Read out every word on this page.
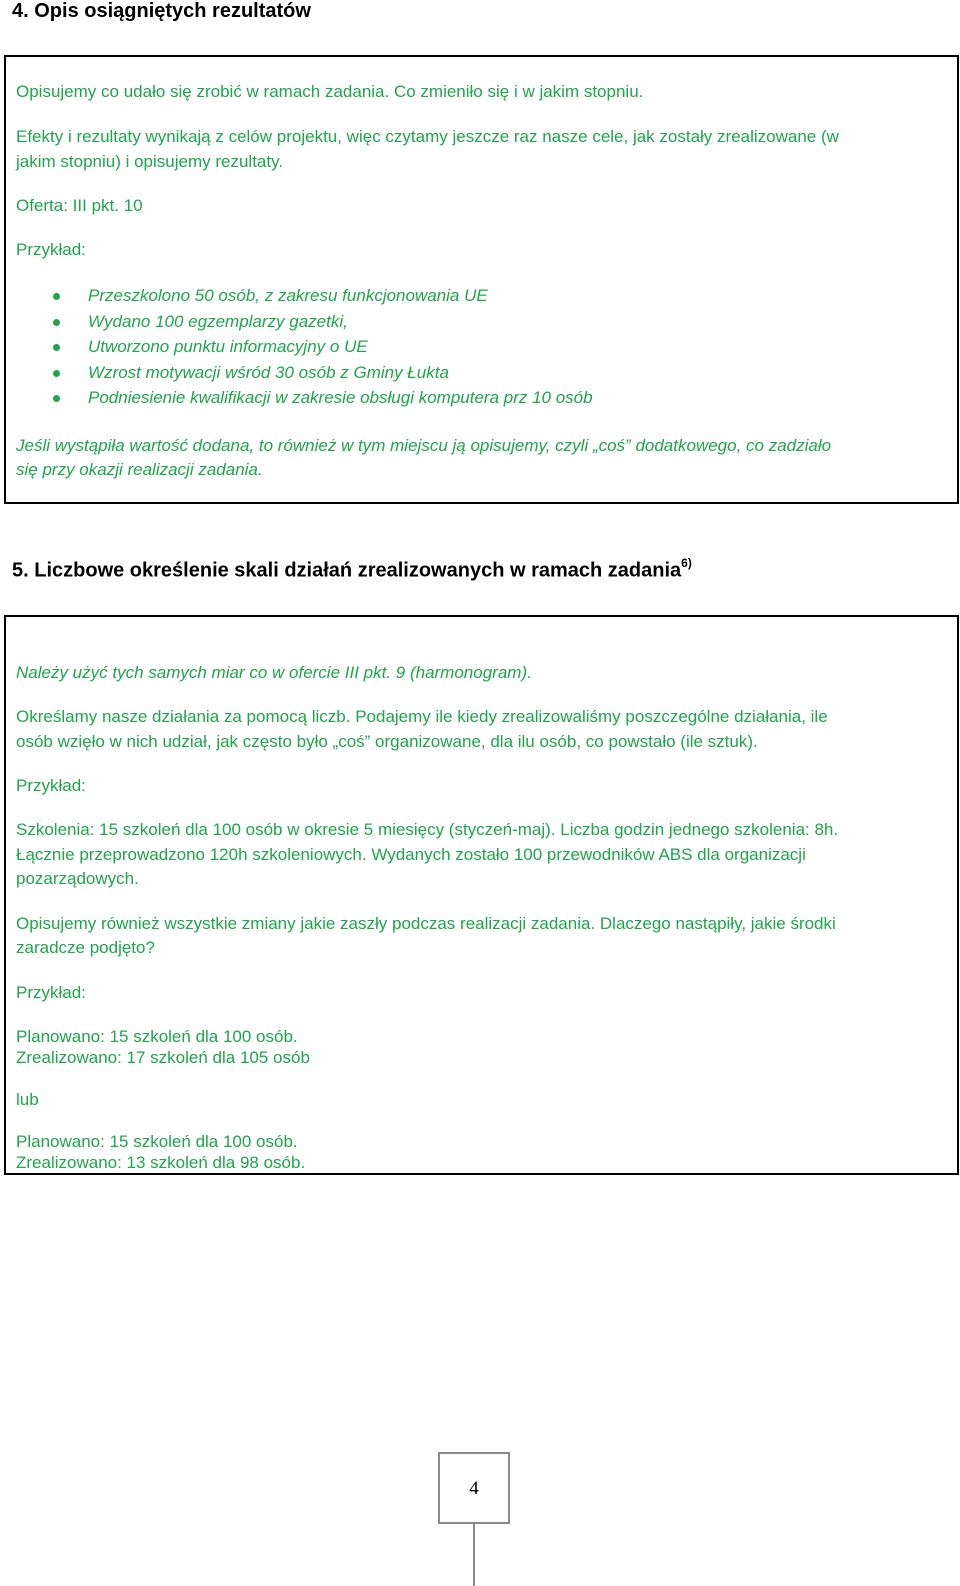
4. Opis osiągniętych rezultatów
Opisujemy co udało się zrobić w ramach zadania. Co zmieniło się i w jakim stopniu.
Efekty i rezultaty wynikają z celów projektu, więc czytamy jeszcze raz nasze cele, jak zostały zrealizowane (w
jakim stopniu) i opisujemy rezultaty.
Oferta: III pkt. 10
Przykład:
Przeszkolono 50 osób, z zakresu funkcjonowania UE
Wydano 100 egzemplarzy gazetki,
Utworzono punktu informacyjny o UE
Wzrost motywacji wśród 30 osób z Gminy Łukta
Podniesienie kwalifikacji w zakresie obsługi komputera prz 10 osób
Jeśli wystąpiła wartość dodana, to również w tym miejscu ją opisujemy, czyli „coś” dodatkowego, co zadziało
się przy okazji realizacji zadania.
5. Liczbowe określenie skali działań zrealizowanych w ramach zadania$^{6)}$
Należy użyć tych samych miar co w ofercie III pkt. 9 (harmonogram).
Określamy nasze działania za pomocą liczb. Podajemy ile kiedy zrealizowaliśmy poszczególne działania, ile
osób wzięło w nich udział, jak często było „coś” organizowane, dla ilu osób, co powstało (ile sztuk).
Przykład:
Szkolenia: 15 szkoleń dla 100 osób w okresie 5 miesięcy (styczeń-maj). Liczba godzin jednego szkolenia: 8h.
Łącznie przeprowadzono 120h szkoleniowych. Wydanych zostało 100 przewodników ABS dla organizacji
pozarządowych.
Opisujemy również wszystkie zmiany jakie zaszły podczas realizacji zadania. Dlaczego nastąpiły, jakie środki
zaradcze podjęto?
Przykład:
Planowano: 15 szkoleń dla 100 osób.
Zrealizowano: 17 szkoleń dla 105 osób
lub
Planowano: 15 szkoleń dla 100 osób.
Zrealizowano: 13 szkoleń dla 98 osób.
4
